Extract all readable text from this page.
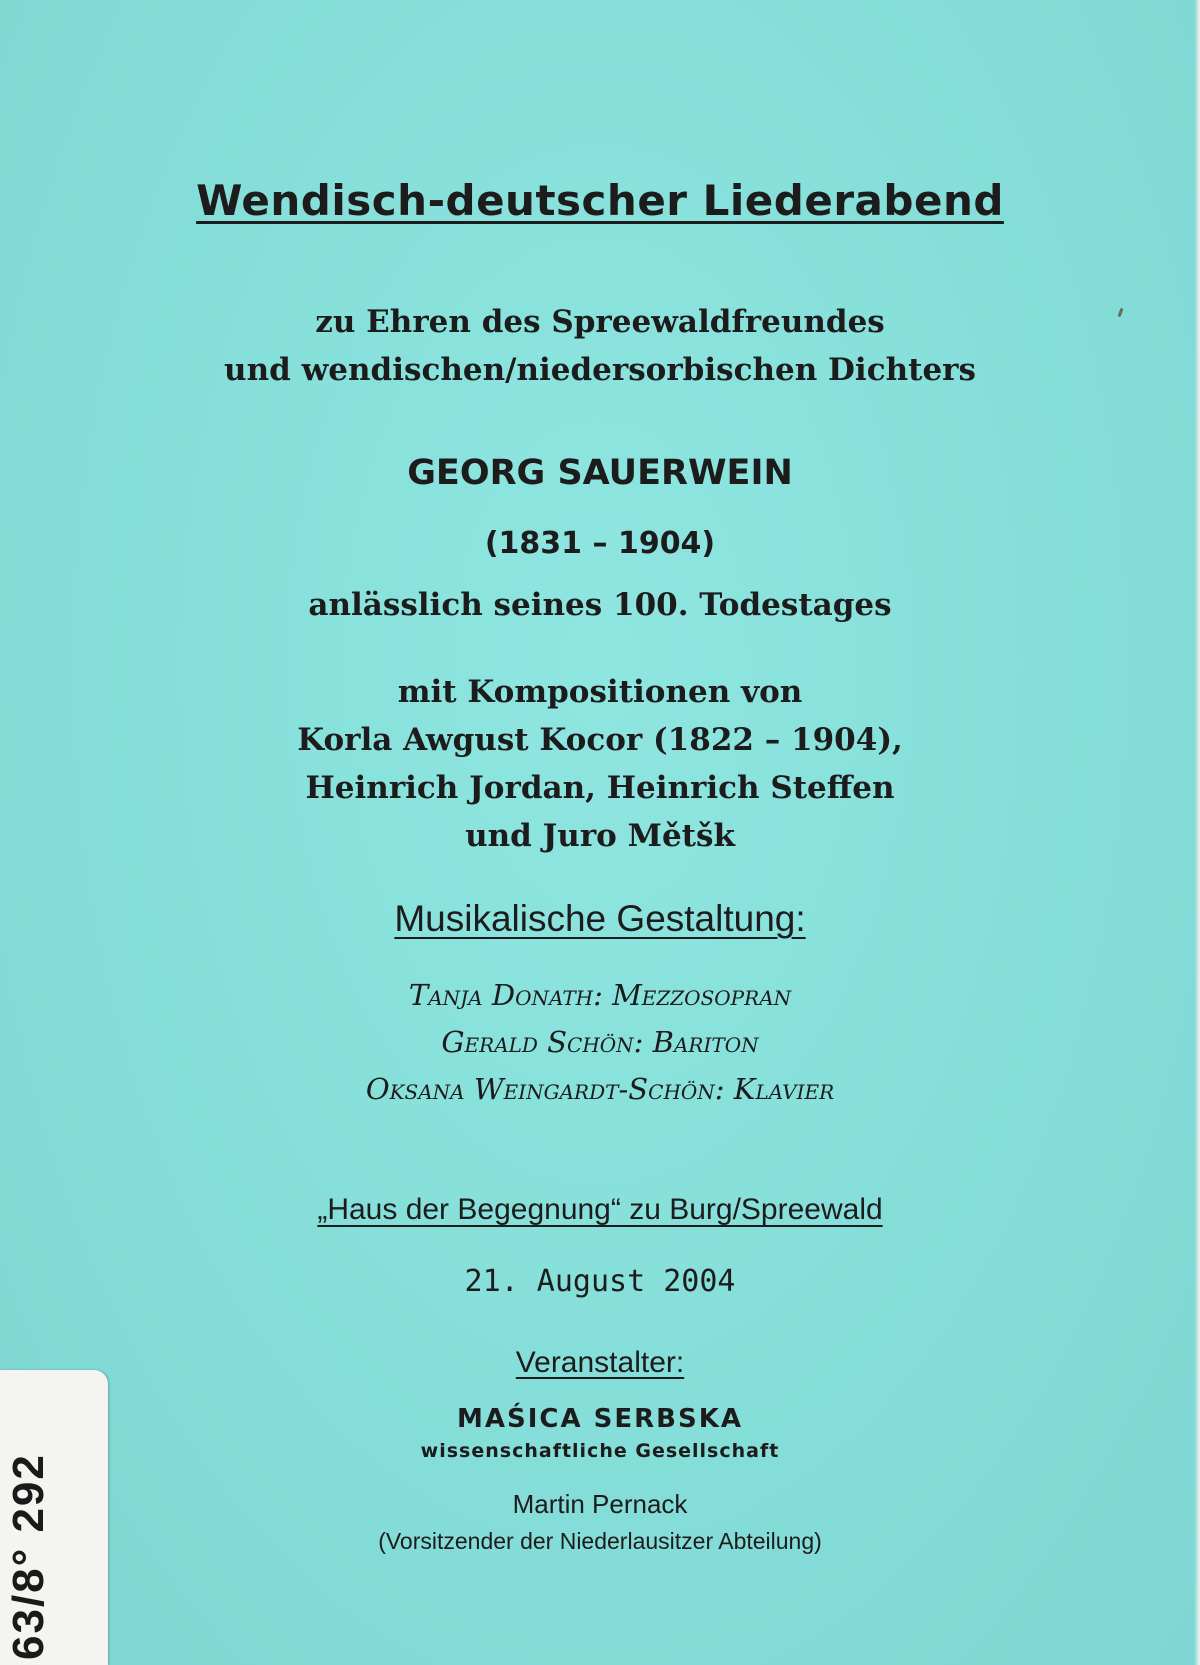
Wendisch-deutscher Liederabend
zu Ehren des Spreewaldfreundes
und wendischen/niedersorbischen Dichters
GEORG SAUERWEIN
(1831 – 1904)
anlässlich seines 100. Todestages
mit Kompositionen von
Korla Awgust Kocor (1822 – 1904),
Heinrich Jordan, Heinrich Steffen
und Juro Mětšk
Musikalische Gestaltung:
Tanja Donath: Mezzosopran
Gerald Schön: Bariton
Oksana Weingardt-Schön: Klavier
„Haus der Begegnung“ zu Burg/Spreewald
21. August 2004
Veranstalter:
MAŚICA SERBSKA
wissenschaftliche Gesellschaft
Martin Pernack
(Vorsitzender der Niederlausitzer Abteilung)
63/8° 292
